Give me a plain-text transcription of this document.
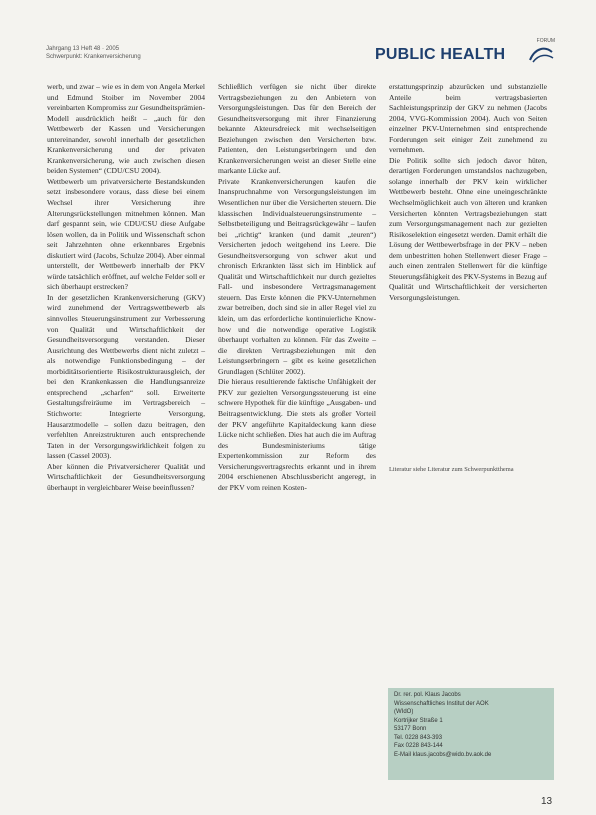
Jahrgang 13 Heft 48 · 2005
Schwerpunkt: Krankenversicherung	PUBLIC HEALTH
FORUM

werb, und zwar – wie es in dem von Angela Merkel und Edmund Stoiber im November 2004 vereinbarten Kompromiss zur Gesundheitsprämien-Modell ausdrücklich heißt – „auch für den Wettbewerb der Kassen und Versicherungen untereinander, sowohl innerhalb der gesetzlichen Krankenversicherung und der privaten Krankenversicherung, wie auch zwischen diesen beiden Systemen“ (CDU/CSU 2004).

Wettbewerb um privatversicherte Bestandskunden setzt insbesondere voraus, dass diese bei einem Wechsel ihrer Versicherung ihre Alterungsrückstellungen mitnehmen können. Man darf gespannt sein, wie CDU/CSU diese Aufgabe lösen wollen, da in Politik und Wissenschaft schon seit Jahrzehnten ohne erkennbares Ergebnis diskutiert wird (Jacobs, Schulze 2004). Aber einmal unterstellt, der Wettbewerb innerhalb der PKV würde tatsächlich eröffnet, auf welche Felder soll er sich überhaupt erstrecken?

In der gesetzlichen Krankenversicherung (GKV) wird zunehmend der Vertragswettbewerb als sinnvolles Steuerungsinstrument zur Verbesserung von Qualität und Wirtschaftlichkeit der Gesundheitsversorgung verstanden. Dieser Ausrichtung des Wettbewerbs dient nicht zuletzt – als notwendige Funktionsbedingung – der morbiditätsorientierte Risikostrukturausgleich, der bei den Krankenkassen die Handlungsanreize entsprechend „scharfen“ soll. Erweiterte Gestaltungsfreiräume im Vertragsbereich – Stichworte: Integrierte Versorgung, Hausarztmodelle – sollen dazu beitragen, den verfehlten Anreizstrukturen auch entsprechende Taten in der Versorgungswirklichkeit folgen zu lassen (Cassel 2003).

Aber können die Privatversicherer Qualität und Wirtschaftlichkeit der Gesundheitsversorgung überhaupt in vergleichbarer Weise beeinflussen?

Schließlich verfügen sie nicht über direkte Vertragsbeziehungen zu den Anbietern von Versorgungsleistungen. Das für den Bereich der Gesundheitsversorgung mit ihrer Finanzierung bekannte Akteursdreieck mit wechselseitigen Beziehungen zwischen den Versicherten bzw. Patienten, den Leistungserbringern und den Krankenversicherungen weist an dieser Stelle eine markante Lücke auf.

Private Krankenversicherungen kaufen die Inanspruchnahme von Versorgungsleistungen im Wesentlichen nur über die Versicherten steuern. Die klassischen Individualsteuerungsinstrumente – Selbstbeteiligung und Beitragsrückgewähr – laufen bei „richtig“ kranken (und damit „teuren“) Versicherten jedoch weitgehend ins Leere. Die Gesundheitsversorgung von schwer akut und chronisch Erkrankten lässt sich im Hinblick auf Qualität und Wirtschaftlichkeit nur durch gezieltes Fall- und insbesondere Vertragsmanagement steuern. Das Erste können die PKV-Unternehmen zwar betreiben, doch sind sie in aller Regel viel zu klein, um das erforderliche kontinuierliche Know-how und die notwendige operative Logistik überhaupt vorhalten zu können. Für das Zweite – die direkten Vertragsbeziehungen mit den Leistungserbringern – gibt es keine gesetzlichen Grundlagen (Schlüter 2002).

Die hieraus resultierende faktische Unfähigkeit der PKV zur gezielten Versorgungssteuerung ist eine schwere Hypothek für die künftige „Ausgaben- und Beitragsentwicklung. Die stets als großer Vorteil der PKV angeführte Kapitaldeckung kann diese Lücke nicht schließen. Dies hat auch die im Auftrag des Bundesministeriums tätige Expertenkommission zur Reform des Versicherungsvertragsrechts erkannt und in ihrem 2004 erschienenen Abschlussbericht angeregt, in der PKV vom reinen Kosten-

erstattungsprinzip abzurücken und substanzielle Anteile beim vertragsbasierten Sachleistungsprinzip der GKV zu nehmen (Jacobs 2004, VVG-Kommission 2004). Auch von Seiten einzelner PKV-Unternehmen sind entsprechende Forderungen seit einiger Zeit zunehmend zu vernehmen.

Die Politik sollte sich jedoch davor hüten, derartigen Forderungen umstandslos nachzugeben, solange innerhalb der PKV kein wirklicher Wettbewerb besteht. Ohne eine uneingeschränkte Wechselmöglichkeit auch von älteren und kranken Versicherten könnten Vertragsbeziehungen statt zum Versorgungsmanagement nach zur gezielten Risikoselektion eingesetzt werden. Damit erhält die Lösung der Wettbewerbsfrage in der PKV – neben dem unbestritten hohen Stellenwert dieser Frage – auch einen zentralen Stellenwert für die künftige Steuerungsfähigkeit des PKV-Systems in Bezug auf Qualität und Wirtschaftlichkeit der versicherten Versorgungsleistungen.

Literatur siehe Literatur zum Schwerpunktthema
Dr. rer. pol. Klaus Jacobs
Wissenschaftliches Institut der AOK
(WIdO)
Kortrijker Straße 1
53177 Bonn
Tel. 0228 843-393
Fax 0228 843-144
E-Mail klaus.jacobs@wido.bv.aok.de
13
